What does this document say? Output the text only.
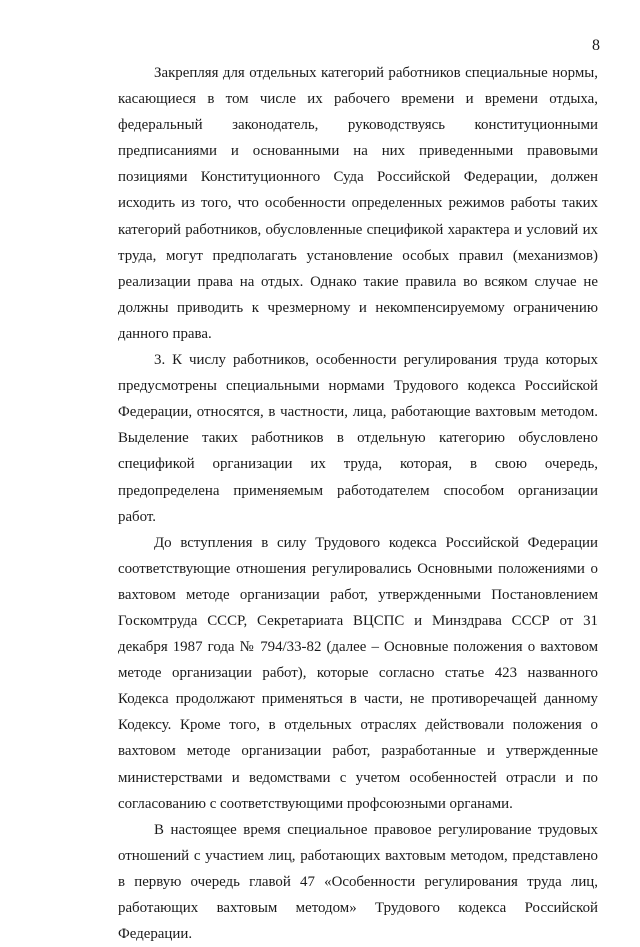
8

Закрепляя для отдельных категорий работников специальные нормы, касающиеся в том числе их рабочего времени и времени отдыха, федеральный законодатель, руководствуясь конституционными предписаниями и основанными на них приведенными правовыми позициями Конституционного Суда Российской Федерации, должен исходить из того, что особенности определенных режимов работы таких категорий работников, обусловленные спецификой характера и условий их труда, могут предполагать установление особых правил (механизмов) реализации права на отдых. Однако такие правила во всяком случае не должны приводить к чрезмерному и некомпенсируемому ограничению данного права.

3. К числу работников, особенности регулирования труда которых предусмотрены специальными нормами Трудового кодекса Российской Федерации, относятся, в частности, лица, работающие вахтовым методом. Выделение таких работников в отдельную категорию обусловлено спецификой организации их труда, которая, в свою очередь, предопределена применяемым работодателем способом организации работ.

До вступления в силу Трудового кодекса Российской Федерации соответствующие отношения регулировались Основными положениями о вахтовом методе организации работ, утвержденными Постановлением Госкомтруда СССР, Секретариата ВЦСПС и Минздрава СССР от 31 декабря 1987 года № 794/33-82 (далее – Основные положения о вахтовом методе организации работ), которые согласно статье 423 названного Кодекса продолжают применяться в части, не противоречащей данному Кодексу. Кроме того, в отдельных отраслях действовали положения о вахтовом методе организации работ, разработанные и утвержденные министерствами и ведомствами с учетом особенностей отрасли и по согласованию с соответствующими профсоюзными органами.

В настоящее время специальное правовое регулирование трудовых отношений с участием лиц, работающих вахтовым методом, представлено в первую очередь главой 47 «Особенности регулирования труда лиц, работающих вахтовым методом» Трудового кодекса Российской Федерации.
